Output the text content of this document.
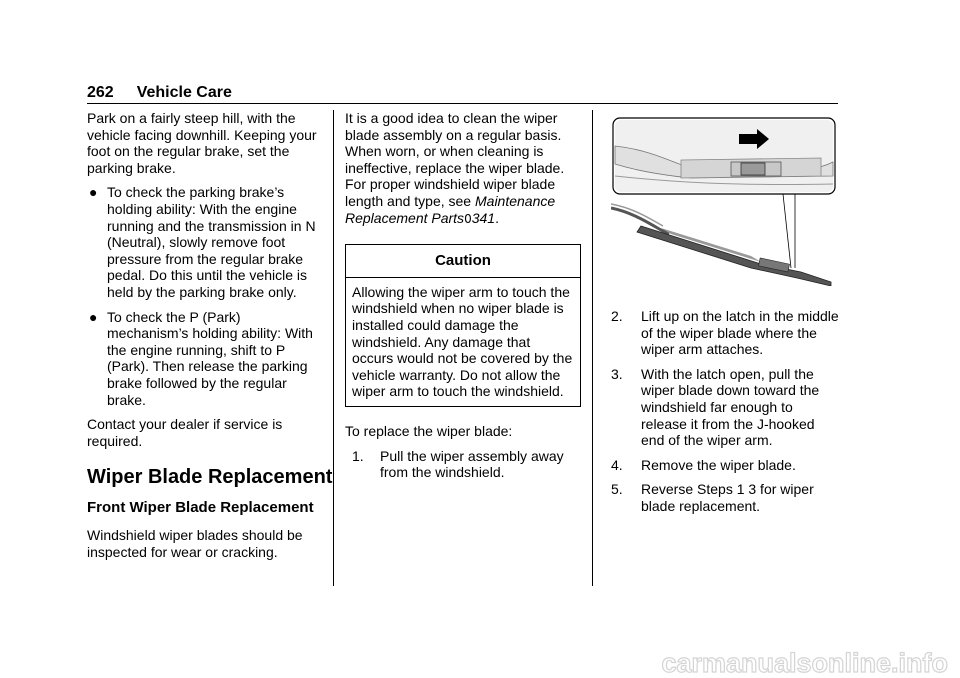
262 Vehicle Care

Park on a fairly steep hill, with the vehicle facing downhill. Keeping your foot on the regular brake, set the parking brake.

● To check the parking brake’s holding ability: With the engine running and the transmission in N (Neutral), slowly remove foot pressure from the regular brake pedal. Do this until the vehicle is held by the parking brake only.
● To check the P (Park) mechanism’s holding ability: With the engine running, shift to P (Park). Then release the parking brake followed by the regular brake.

Contact your dealer if service is required.

Wiper Blade Replacement
Front Wiper Blade Replacement

Windshield wiper blades should be inspected for wear or cracking.

It is a good idea to clean the wiper blade assembly on a regular basis. When worn, or when cleaning is ineffective, replace the wiper blade. For proper windshield wiper blade length and type, see Maintenance Replacement Parts0341.

Caution
Allowing the wiper arm to touch the windshield when no wiper blade is installed could damage the windshield. Any damage that occurs would not be covered by the vehicle warranty. Do not allow the wiper arm to touch the windshield.

To replace the wiper blade:

1. Pull the wiper assembly away from the windshield.
2. Lift up on the latch in the middle of the wiper blade where the wiper arm attaches.
3. With the latch open, pull the wiper blade down toward the windshield far enough to release it from the J-hooked end of the wiper arm.
4. Remove the wiper blade.
5. Reverse Steps 1 3 for wiper blade replacement.
carmanualsonline.info
